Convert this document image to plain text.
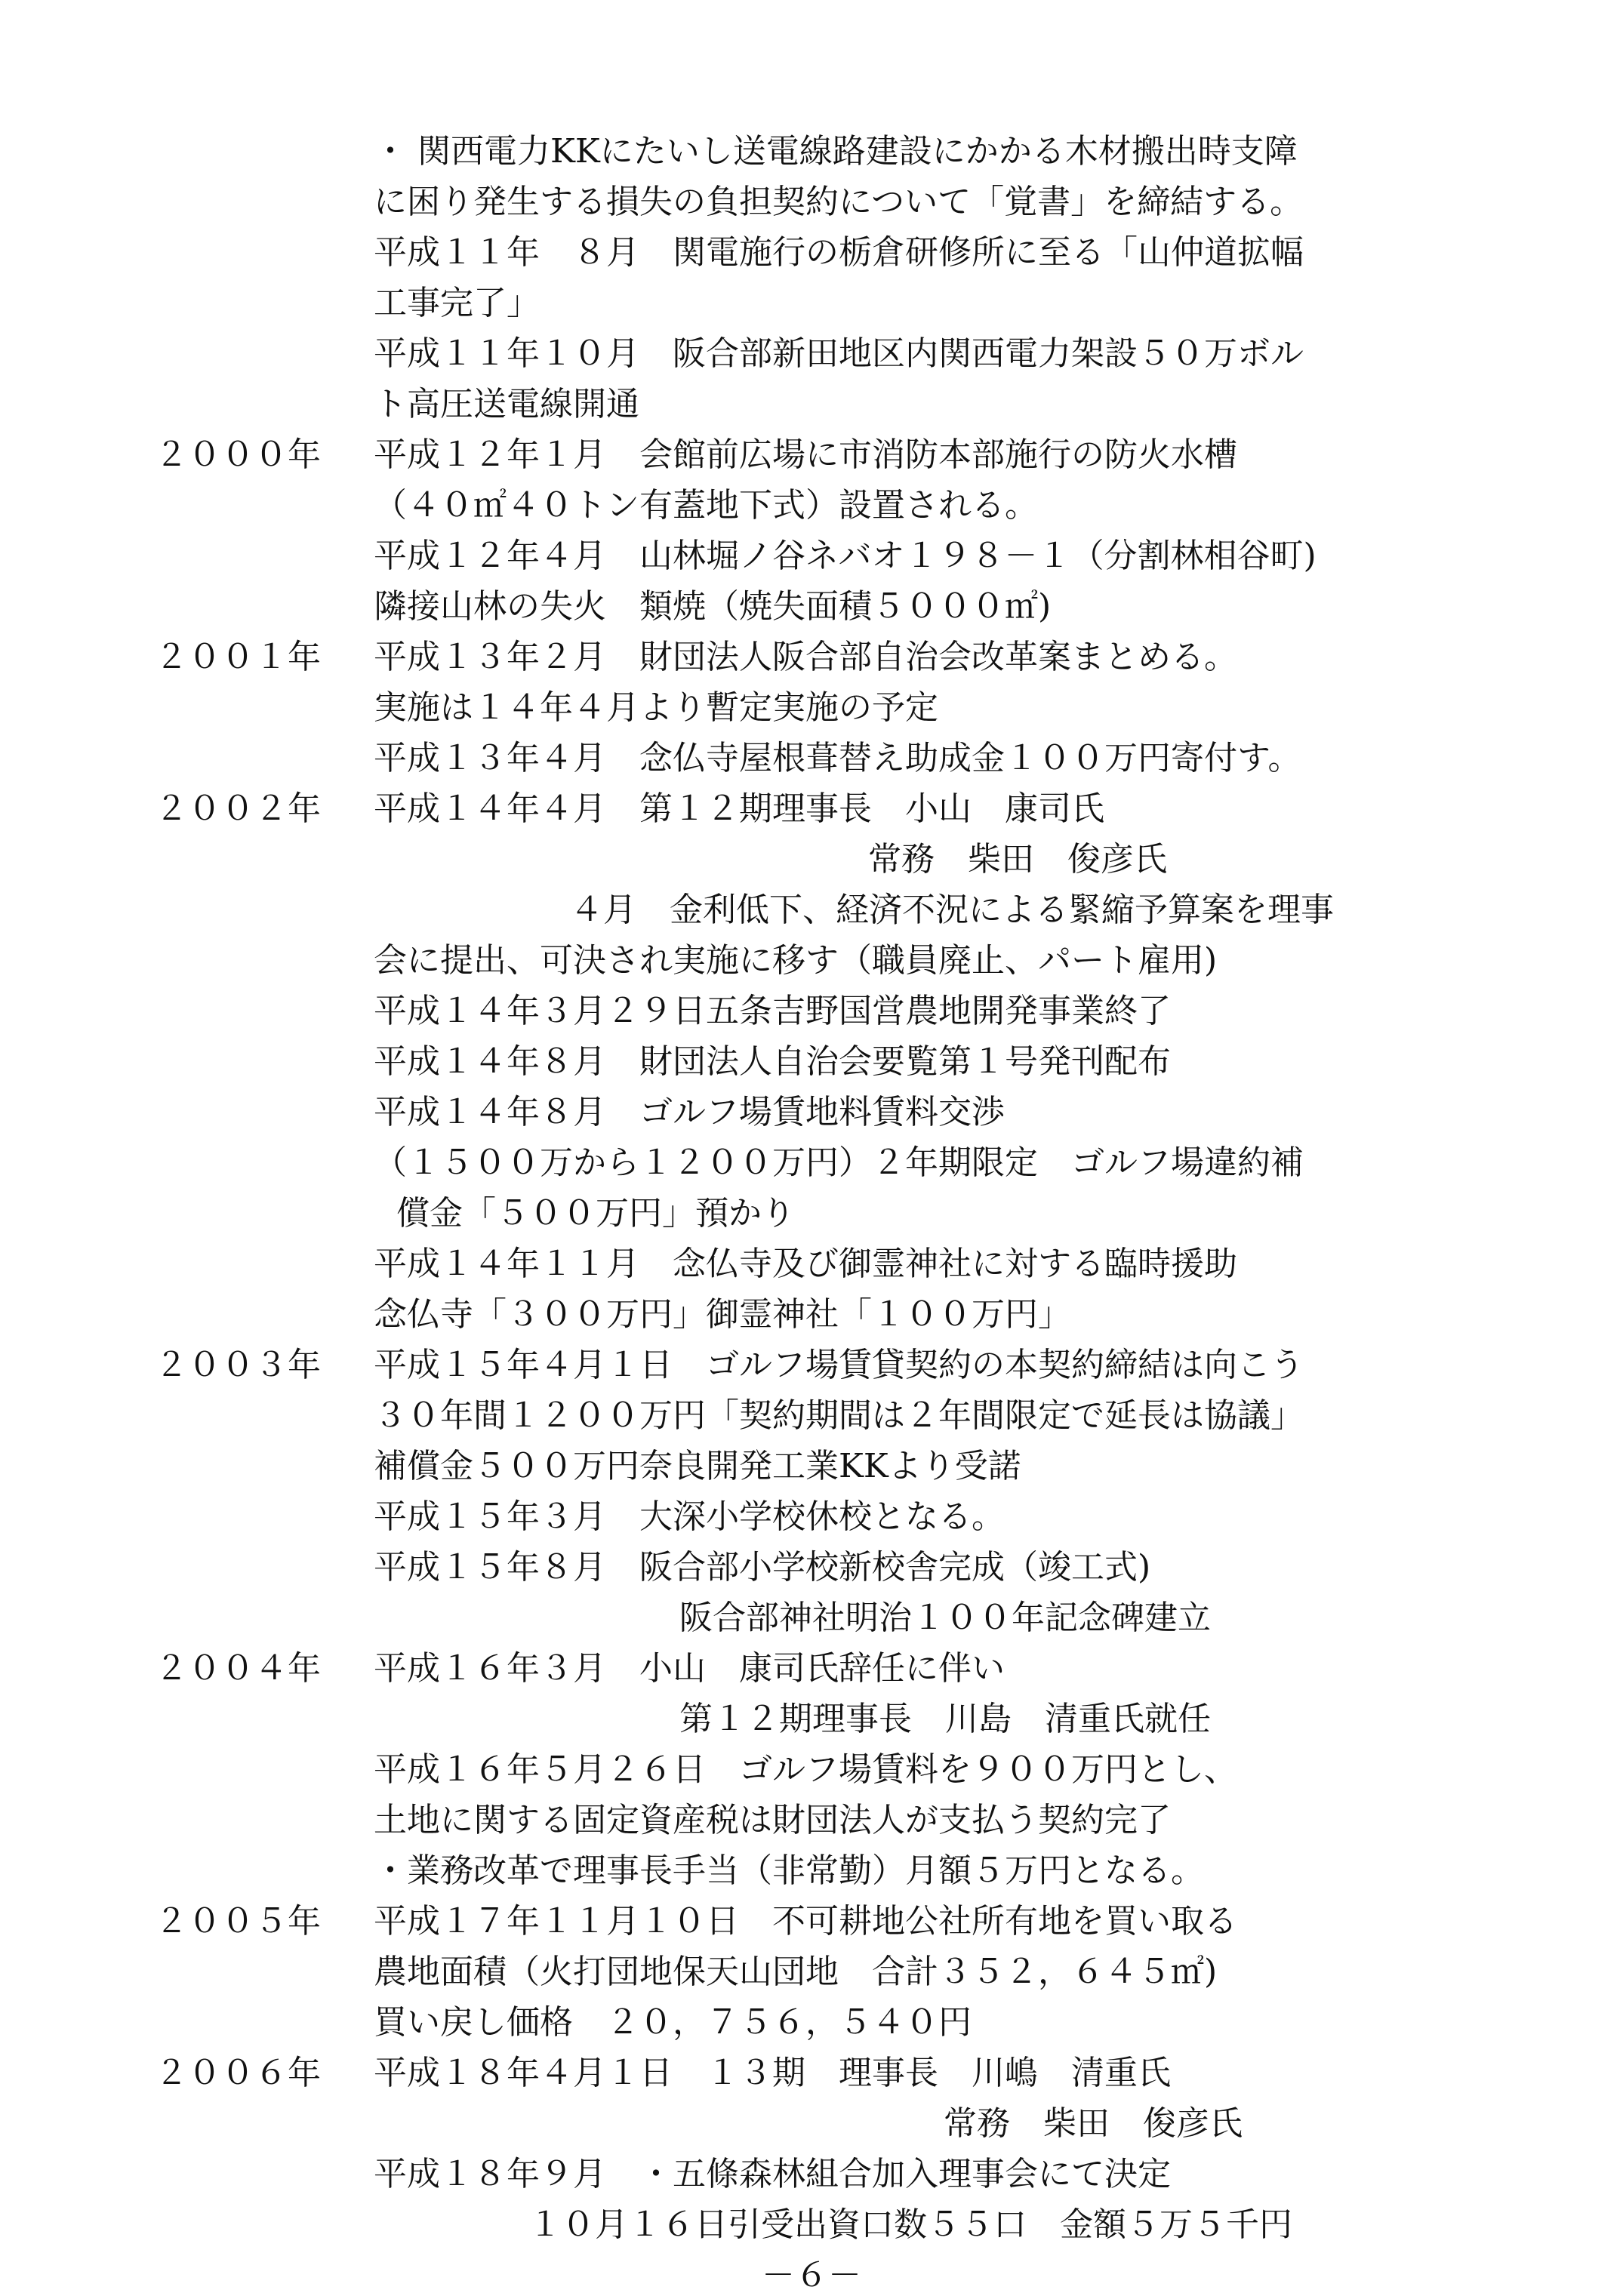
・ 関西電力KKにたいし送電線路建設にかかる木材搬出時支障
に困り発生する損失の負担契約について「覚書」を締結する。
平成１１年　８月　関電施行の栃倉研修所に至る「山仲道拡幅
工事完了」
平成１１年１０月　阪合部新田地区内関西電力架設５０万ボル
ト高圧送電線開通
２０００年 平成１２年１月　会館前広場に市消防本部施行の防火水槽
（４０㎡４０トン有蓋地下式）設置される。
平成１２年４月　山林堀ノ谷ネバオ１９８－１（分割林相谷町)
隣接山林の失火　類焼（焼失面積５０００㎡)
２００１年 平成１３年２月　財団法人阪合部自治会改革案まとめる。
実施は１４年４月より暫定実施の予定
平成１３年４月　念仏寺屋根葺替え助成金１００万円寄付す。
２００２年 平成１４年４月　第１２期理事長　小山　康司氏
常務　柴田　俊彦氏
４月　金利低下、経済不況による緊縮予算案を理事
会に提出、可決され実施に移す（職員廃止、パート雇用)
平成１４年３月２９日五条吉野国営農地開発事業終了
平成１４年８月　財団法人自治会要覧第１号発刊配布
平成１４年８月　ゴルフ場賃地料賃料交渉
（１５００万から１２００万円）２年期限定　ゴルフ場違約補
償金「５００万円」預かり
平成１４年１１月　念仏寺及び御霊神社に対する臨時援助
念仏寺「３００万円」御霊神社「１００万円」
２００３年 平成１５年４月１日　ゴルフ場賃貸契約の本契約締結は向こう
３０年間１２００万円「契約期間は２年間限定で延長は協議」
補償金５００万円奈良開発工業KKより受諾
平成１５年３月　大深小学校休校となる。
平成１５年８月　阪合部小学校新校舎完成（竣工式)
阪合部神社明治１００年記念碑建立
２００４年 平成１６年３月　小山　康司氏辞任に伴い
第１２期理事長　川島　清重氏就任
平成１６年５月２６日　ゴルフ場賃料を９００万円とし、
土地に関する固定資産税は財団法人が支払う契約完了
・業務改革で理事長手当（非常勤）月額５万円となる。
２００５年 平成１７年１１月１０日　不可耕地公社所有地を買い取る
農地面積（火打団地保天山団地　合計３５２，６４５㎡)
買い戻し価格　２０，７５６，５４０円
２００６年 平成１８年４月１日　１３期　理事長　川嶋　清重氏
常務　柴田　俊彦氏
平成１８年９月　・五條森林組合加入理事会にて決定
１０月１６日引受出資口数５５口　金額５万５千円
－６－
